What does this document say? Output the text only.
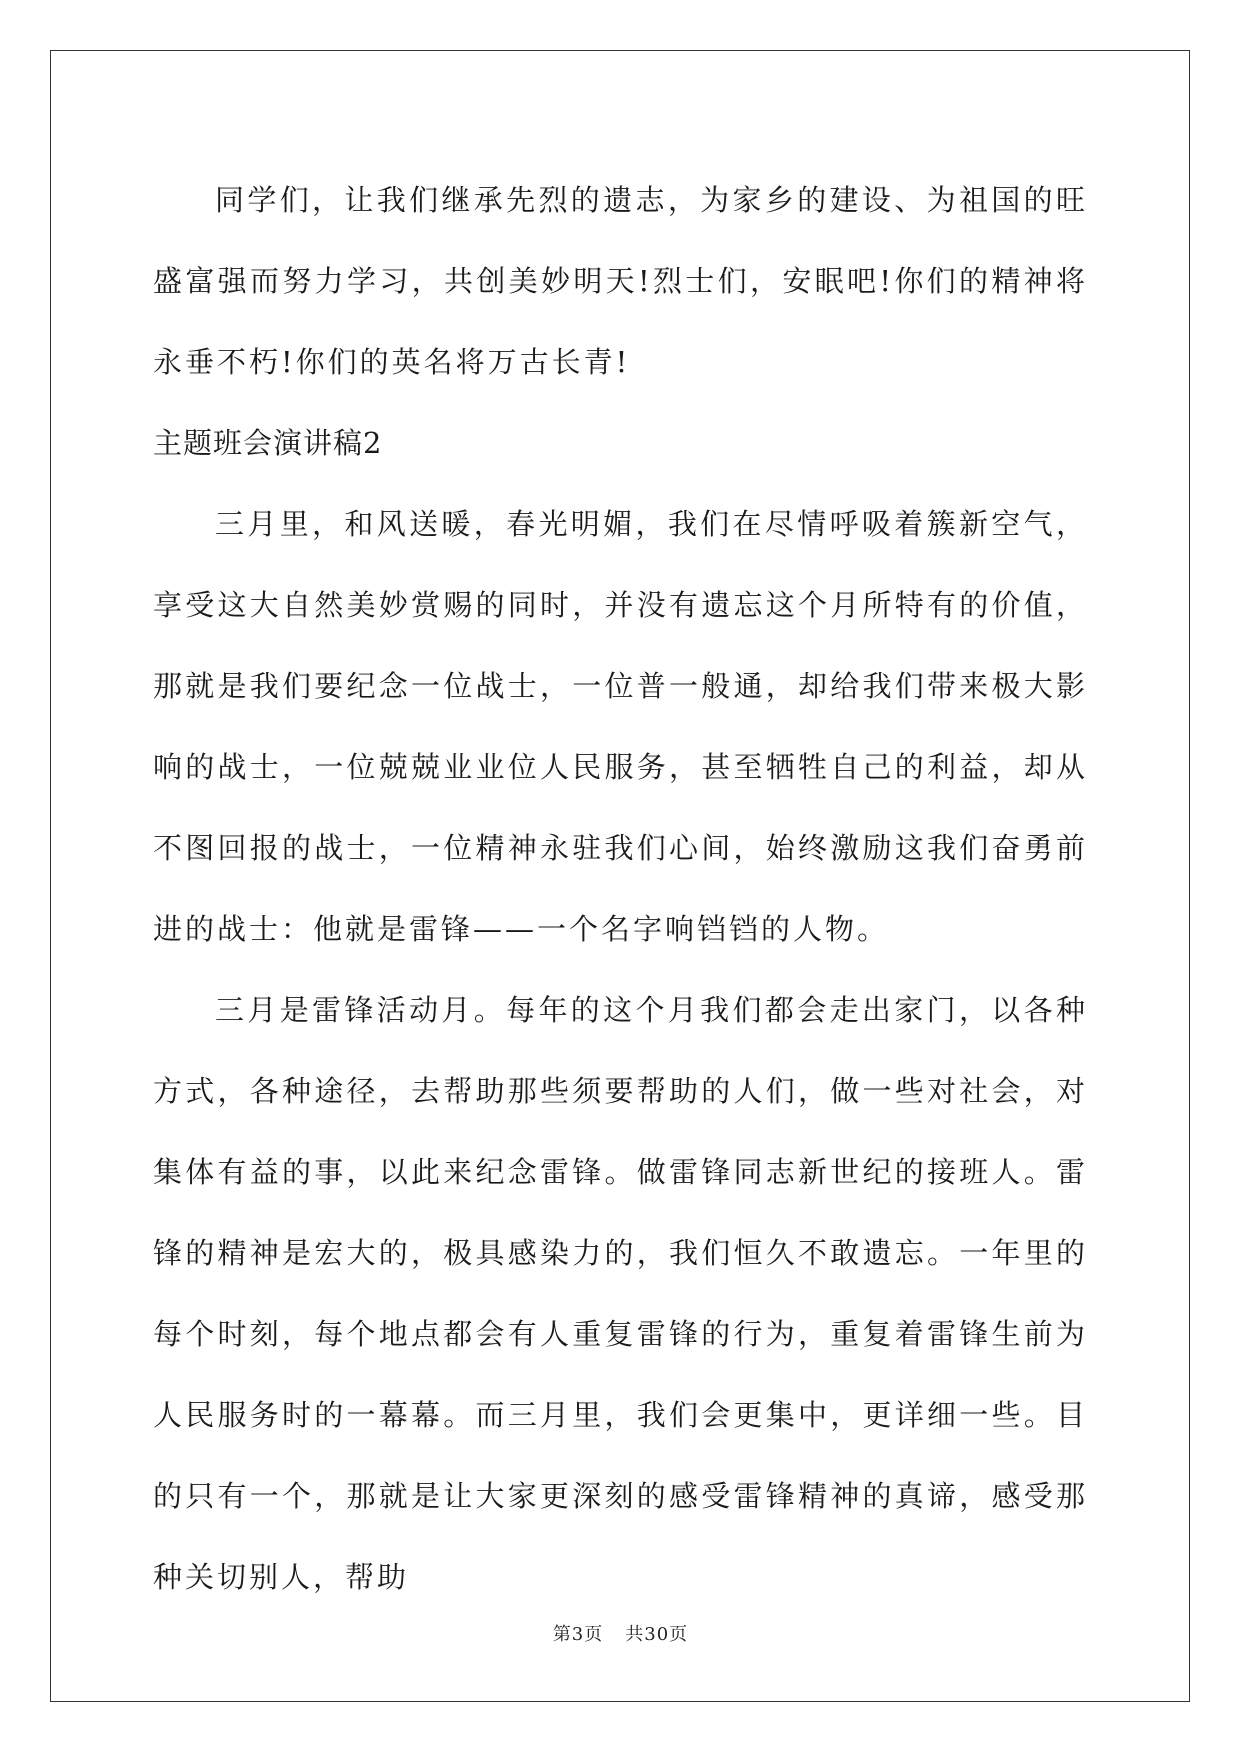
同学们，让我们继承先烈的遗志，为家乡的建设、为祖国的旺盛富强而努力学习，共创美妙明天!烈士们，安眠吧!你们的精神将永垂不朽!你们的英名将万古长青!

主题班会演讲稿2

三月里，和风送暖，春光明媚，我们在尽情呼吸着簇新空气，享受这大自然美妙赏赐的同时，并没有遗忘这个月所特有的价值，那就是我们要纪念一位战士，一位普一般通，却给我们带来极大影响的战士，一位兢兢业业位人民服务，甚至牺牲自己的利益，却从不图回报的战士，一位精神永驻我们心间，始终激励这我们奋勇前进的战士：他就是雷锋——一个名字响铛铛的人物。

三月是雷锋活动月。每年的这个月我们都会走出家门，以各种方式，各种途径，去帮助那些须要帮助的人们，做一些对社会，对集体有益的事，以此来纪念雷锋。做雷锋同志新世纪的接班人。雷锋的精神是宏大的，极具感染力的，我们恒久不敢遗忘。一年里的每个时刻，每个地点都会有人重复雷锋的行为，重复着雷锋生前为人民服务时的一幕幕。而三月里，我们会更集中，更详细一些。目的只有一个，那就是让大家更深刻的感受雷锋精神的真谛，感受那种关切别人，帮助

第3页 共30页
